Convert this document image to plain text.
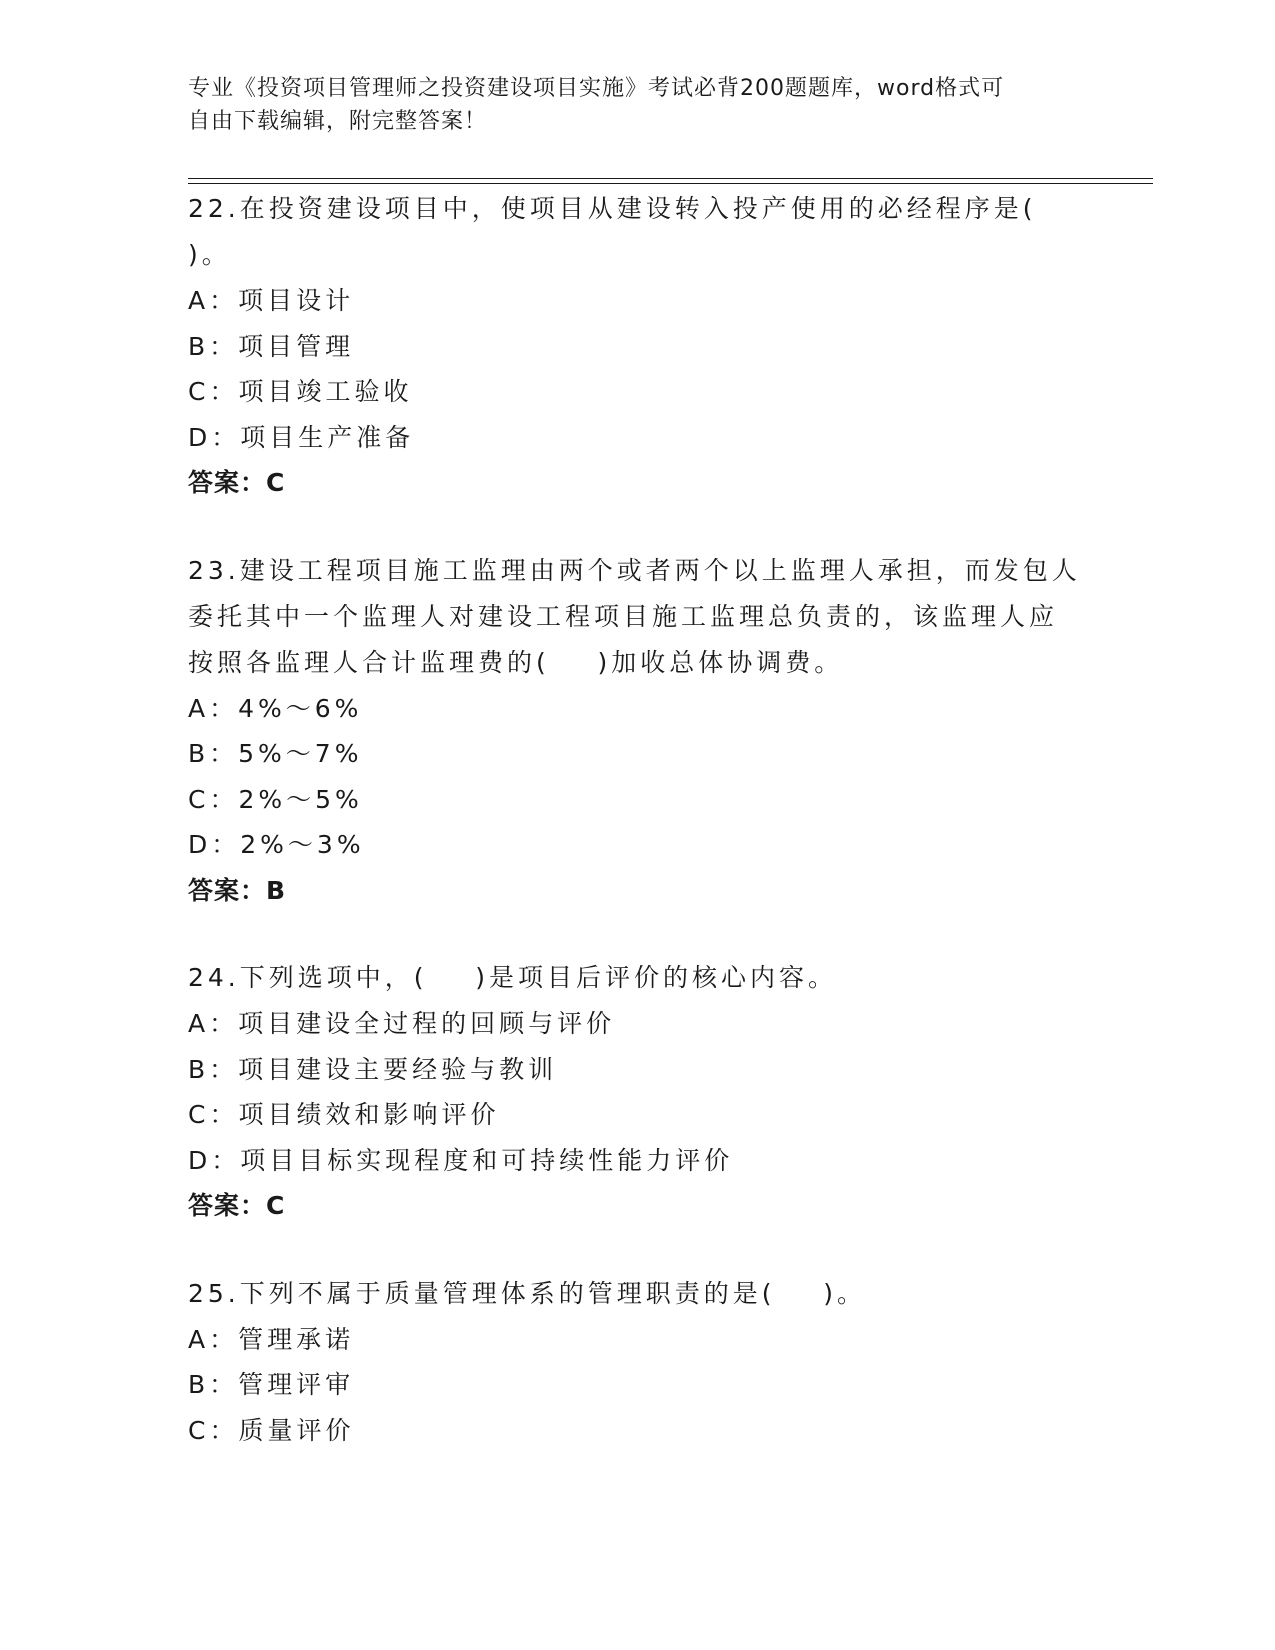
专业《投资项目管理师之投资建设项目实施》考试必背200题题库，word格式可
自由下载编辑，附完整答案！

22.在投资建设项目中，使项目从建设转入投产使用的必经程序是(

)。

A：项目设计

B：项目管理

C：项目竣工验收

D：项目生产准备

答案：C

23.建设工程项目施工监理由两个或者两个以上监理人承担，而发包人

委托其中一个监理人对建设工程项目施工监理总负责的，该监理人应

按照各监理人合计监理费的(    )加收总体协调费。

A：4%～6%

B：5%～7%

C：2%～5%

D：2%～3%

答案：B

24.下列选项中，(    )是项目后评价的核心内容。

A：项目建设全过程的回顾与评价

B：项目建设主要经验与教训

C：项目绩效和影响评价

D：项目目标实现程度和可持续性能力评价

答案：C

25.下列不属于质量管理体系的管理职责的是(    )。

A：管理承诺

B：管理评审

C：质量评价
